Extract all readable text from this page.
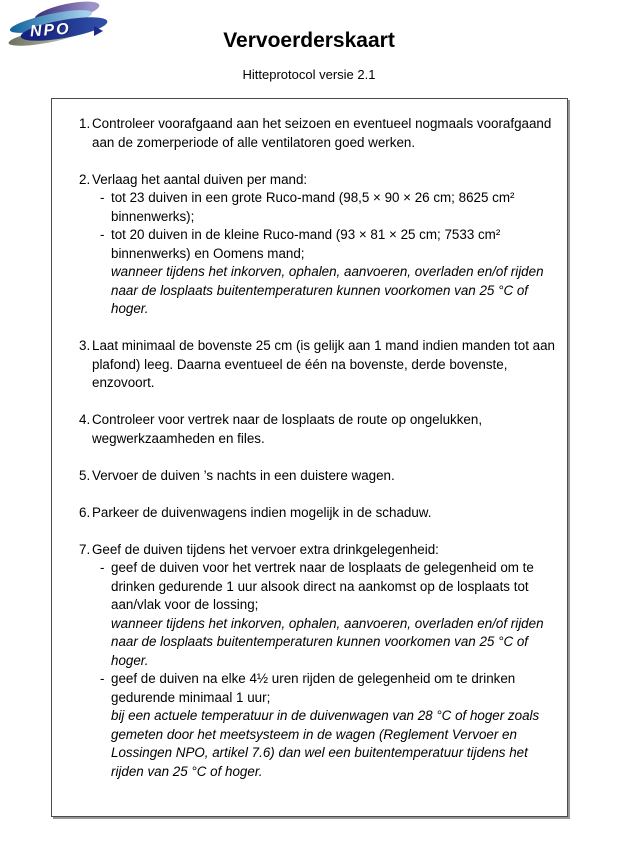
NPO	Vervoerderskaart
Hitteprotocol versie 2.1
1. Controleer voorafgaand aan het seizoen en eventueel nogmaals voorafgaand aan de zomerperiode of alle ventilatoren goed werken.
2. Verlaag het aantal duiven per mand:
- tot 23 duiven in een grote Ruco-mand (98,5 × 90 × 26 cm; 8625 cm² binnenwerks);
- tot 20 duiven in de kleine Ruco-mand (93 × 81 × 25 cm; 7533 cm² binnenwerks) en Oomens mand;
wanneer tijdens het inkorven, ophalen, aanvoeren, overladen en/of rijden naar de losplaats buitentemperaturen kunnen voorkomen van 25 °C of hoger.
3. Laat minimaal de bovenste 25 cm (is gelijk aan 1 mand indien manden tot aan plafond) leeg. Daarna eventueel de één na bovenste, derde bovenste, enzovoort.
4. Controleer voor vertrek naar de losplaats de route op ongelukken, wegwerkzaamheden en files.
5. Vervoer de duiven ’s nachts in een duistere wagen.
6. Parkeer de duivenwagens indien mogelijk in de schaduw.
7. Geef de duiven tijdens het vervoer extra drinkgelegenheid:
- geef de duiven voor het vertrek naar de losplaats de gelegenheid om te drinken gedurende 1 uur alsook direct na aankomst op de losplaats tot aan/vlak voor de lossing;
wanneer tijdens het inkorven, ophalen, aanvoeren, overladen en/of rijden naar de losplaats buitentemperaturen kunnen voorkomen van 25 °C of hoger.
- geef de duiven na elke 4½ uren rijden de gelegenheid om te drinken gedurende minimaal 1 uur;
bij een actuele temperatuur in de duivenwagen van 28 °C of hoger zoals gemeten door het meetsysteem in de wagen (Reglement Vervoer en Lossingen NPO, artikel 7.6) dan wel een buitentemperatuur tijdens het rijden van 25 °C of hoger.
